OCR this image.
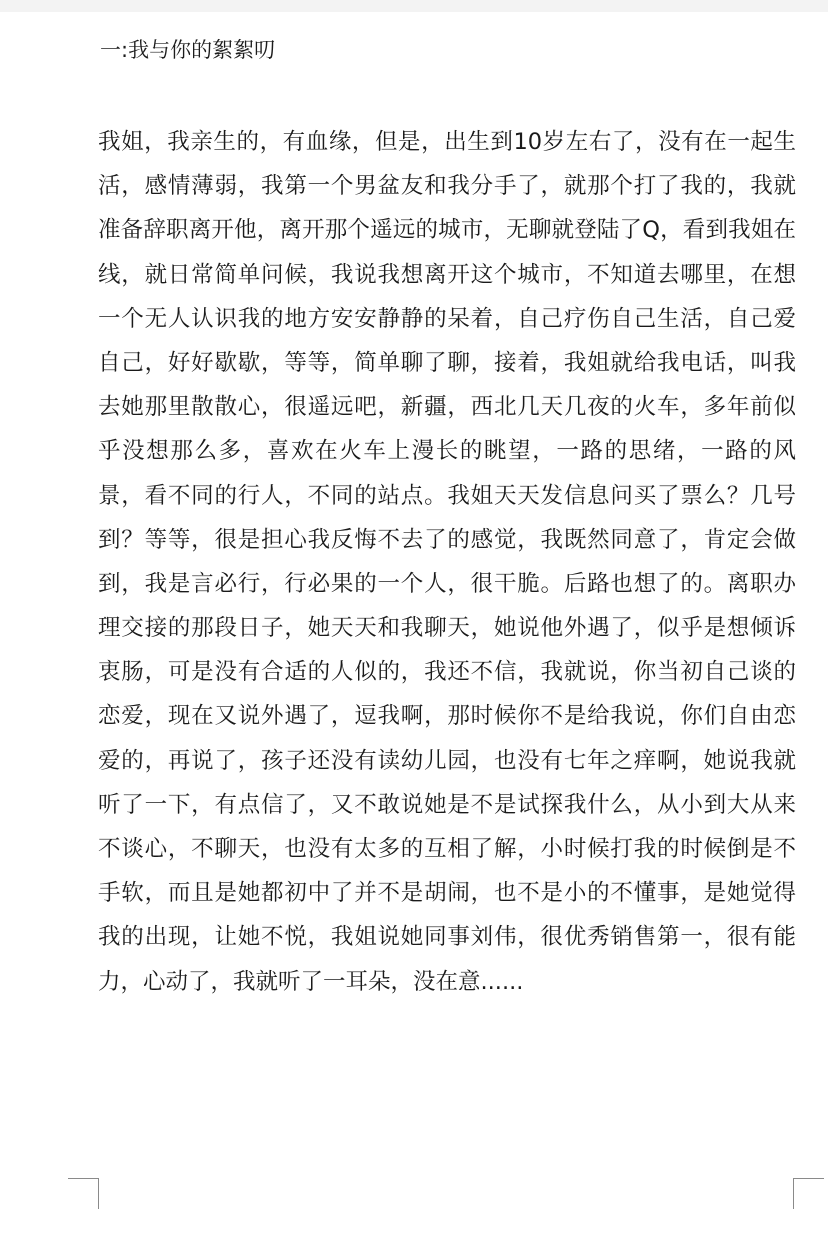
一:我与你的絮絮叨
我姐，我亲生的，有血缘，但是，出生到10岁左右了，没有在一起生
活，感情薄弱，我第一个男盆友和我分手了，就那个打了我的，我就
准备辞职离开他，离开那个遥远的城市，无聊就登陆了Q，看到我姐在
线，就日常简单问候，我说我想离开这个城市，不知道去哪里，在想
一个无人认识我的地方安安静静的呆着，自己疗伤自己生活，自己爱
自己，好好歇歇，等等，简单聊了聊，接着，我姐就给我电话，叫我
去她那里散散心，很遥远吧，新疆，西北几天几夜的火车，多年前似
乎没想那么多，喜欢在火车上漫长的眺望，一路的思绪，一路的风
景，看不同的行人，不同的站点。我姐天天发信息问买了票么？几号
到？等等，很是担心我反悔不去了的感觉，我既然同意了，肯定会做
到，我是言必行，行必果的一个人，很干脆。后路也想了的。离职办
理交接的那段日子，她天天和我聊天，她说他外遇了，似乎是想倾诉
衷肠，可是没有合适的人似的，我还不信，我就说，你当初自己谈的
恋爱，现在又说外遇了，逗我啊，那时候你不是给我说，你们自由恋
爱的，再说了，孩子还没有读幼儿园，也没有七年之痒啊，她说我就
听了一下，有点信了，又不敢说她是不是试探我什么，从小到大从来
不谈心，不聊天，也没有太多的互相了解，小时候打我的时候倒是不
手软，而且是她都初中了并不是胡闹，也不是小的不懂事，是她觉得
我的出现，让她不悦，我姐说她同事刘伟，很优秀销售第一，很有能
力，心动了，我就听了一耳朵，没在意......
